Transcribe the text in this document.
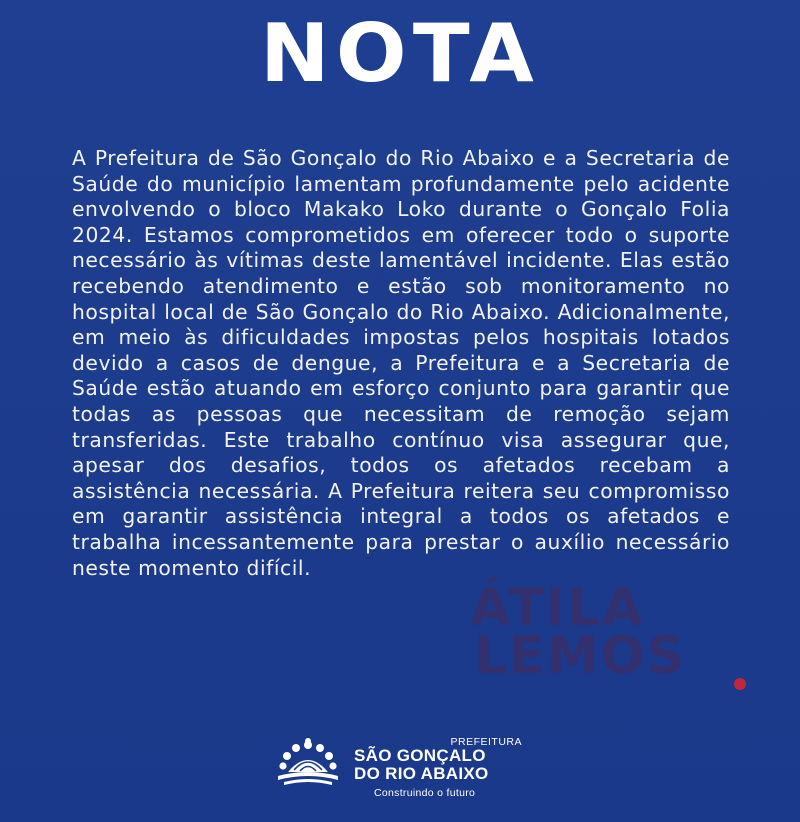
NOTA

A Prefeitura de São Gonçalo do Rio Abaixo e a Secretaria de Saúde do município lamentam profundamente pelo acidente envolvendo o bloco Makako Loko durante o Gonçalo Folia 2024. Estamos comprometidos em oferecer todo o suporte necessário às vítimas deste lamentável incidente. Elas estão recebendo atendimento e estão sob monitoramento no hospital local de São Gonçalo do Rio Abaixo. Adicionalmente, em meio às dificuldades impostas pelos hospitais lotados devido a casos de dengue, a Prefeitura e a Secretaria de Saúde estão atuando em esforço conjunto para garantir que todas as pessoas que necessitam de remoção sejam transferidas. Este trabalho contínuo visa assegurar que, apesar dos desafios, todos os afetados recebam a assistência necessária. A Prefeitura reitera seu compromisso em garantir assistência integral a todos os afetados e trabalha incessantemente para prestar o auxílio necessário neste momento difícil.

ÁTILA
LEMOS
PREFEITURA
SÃO GONÇALO
DO RIO ABAIXO
Construindo o futuro
